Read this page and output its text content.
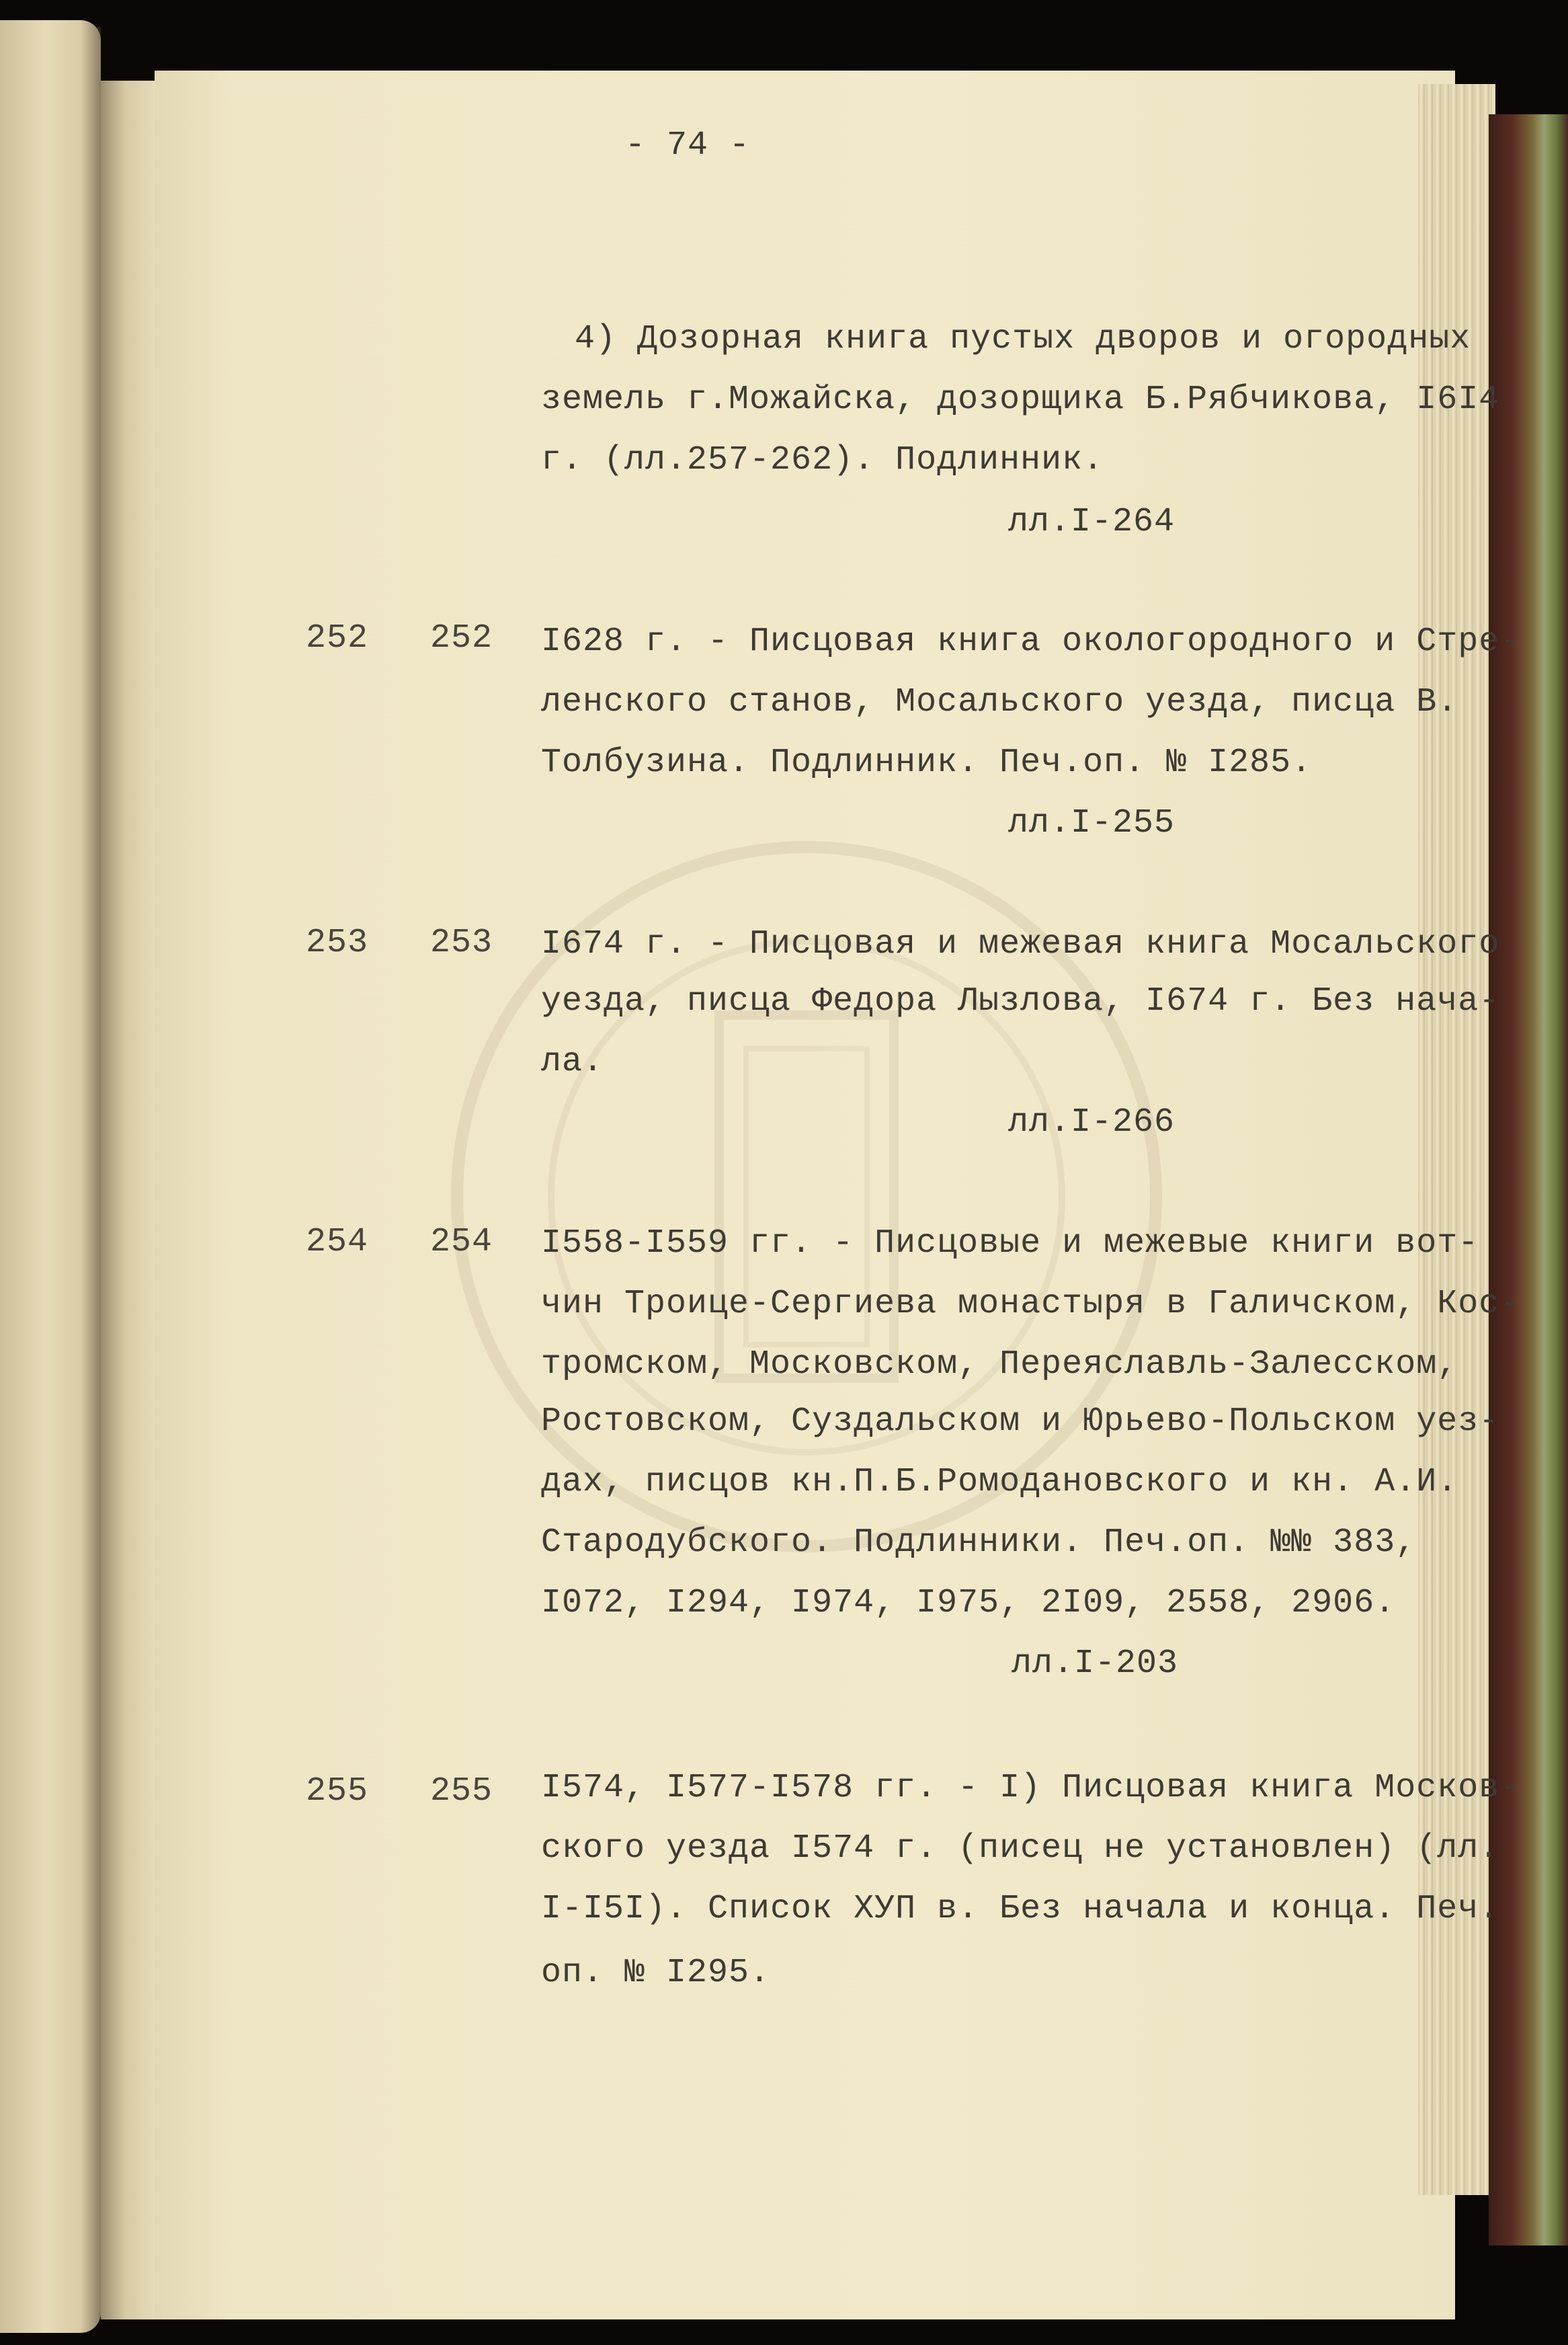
- 74 -
4) Дозорная книга пустых дворов и огородных
земель г.Можайска, дозорщика Б.Рябчикова, I6I4
г. (лл.257-262). Подлинник.
лл.I-264
252 252 I628 г. - Писцовая книга окологородного и Стре-
ленского станов, Мосальского уезда, писца В.
Толбузина. Подлинник. Печ.оп. № I285.
лл.I-255
253 253 I674 г. - Писцовая и межевая книга Мосальского
уезда, писца Федора Лызлова, I674 г. Без нача-
ла.
лл.I-266
254 254 I558-I559 гг. - Писцовые и межевые книги вот-
чин Троице-Сергиева монастыря в Галичском, Кос-
тромском, Московском, Переяславль-Залесском,
Ростовском, Суздальском и Юрьево-Польском уез-
дах, писцов кн.П.Б.Ромодановского и кн. А.И.
Стародубского. Подлинники. Печ.оп. №№ 383,
I072, I294, I974, I975, 2I09, 2558, 2906.
лл.I-203
255 255 I574, I577-I578 гг. - I) Писцовая книга Москов-
ского уезда I574 г. (писец не установлен) (лл.
I-I5I). Список ХУП в. Без начала и конца. Печ.
оп. № I295.
